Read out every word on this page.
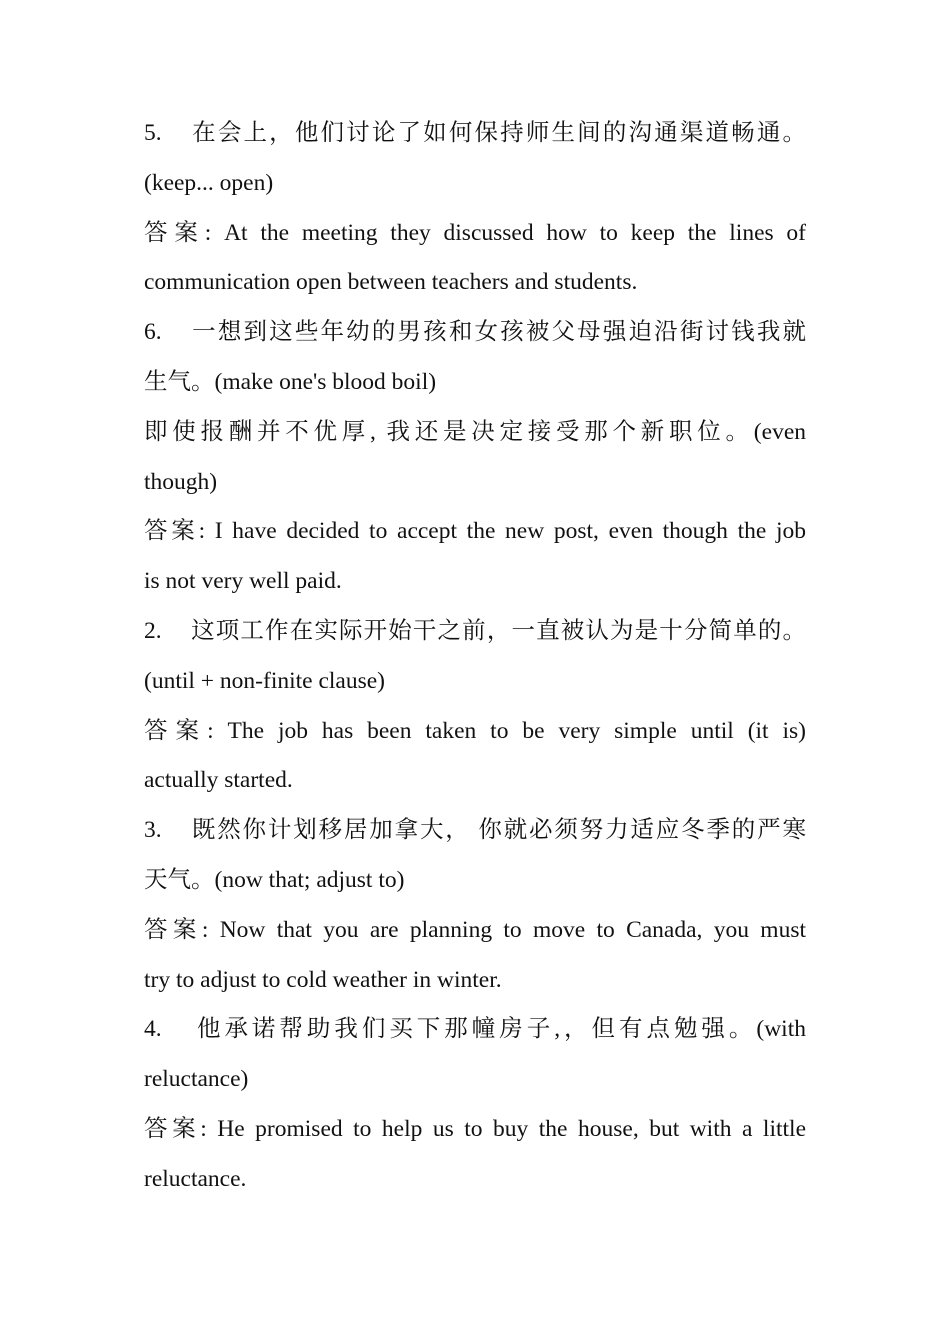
5. 在会上，他们讨论了如何保持师生间的沟通渠道畅通。
(keep... open)
答案: At the meeting they discussed how to keep the lines of
communication open between teachers and students.
6. 一想到这些年幼的男孩和女孩被父母强迫沿街讨钱我就
生气。(make one's blood boil)
即使报酬并不优厚, 我还是决定接受那个新职位。(even
though)
答案: I have decided to accept the new post, even though the job
is not very well paid.
2. 这项工作在实际开始干之前，一直被认为是十分简单的。
(until + non-finite clause)
答案: The job has been taken to be very simple until (it is)
actually started.
3. 既然你计划移居加拿大， 你就必须努力适应冬季的严寒
天气。(now that; adjust to)
答案: Now that you are planning to move to Canada, you must
try to adjust to cold weather in winter.
4. 他承诺帮助我们买下那幢房子,，但有点勉强。(with
reluctance)
答案: He promised to help us to buy the house, but with a little
reluctance.
